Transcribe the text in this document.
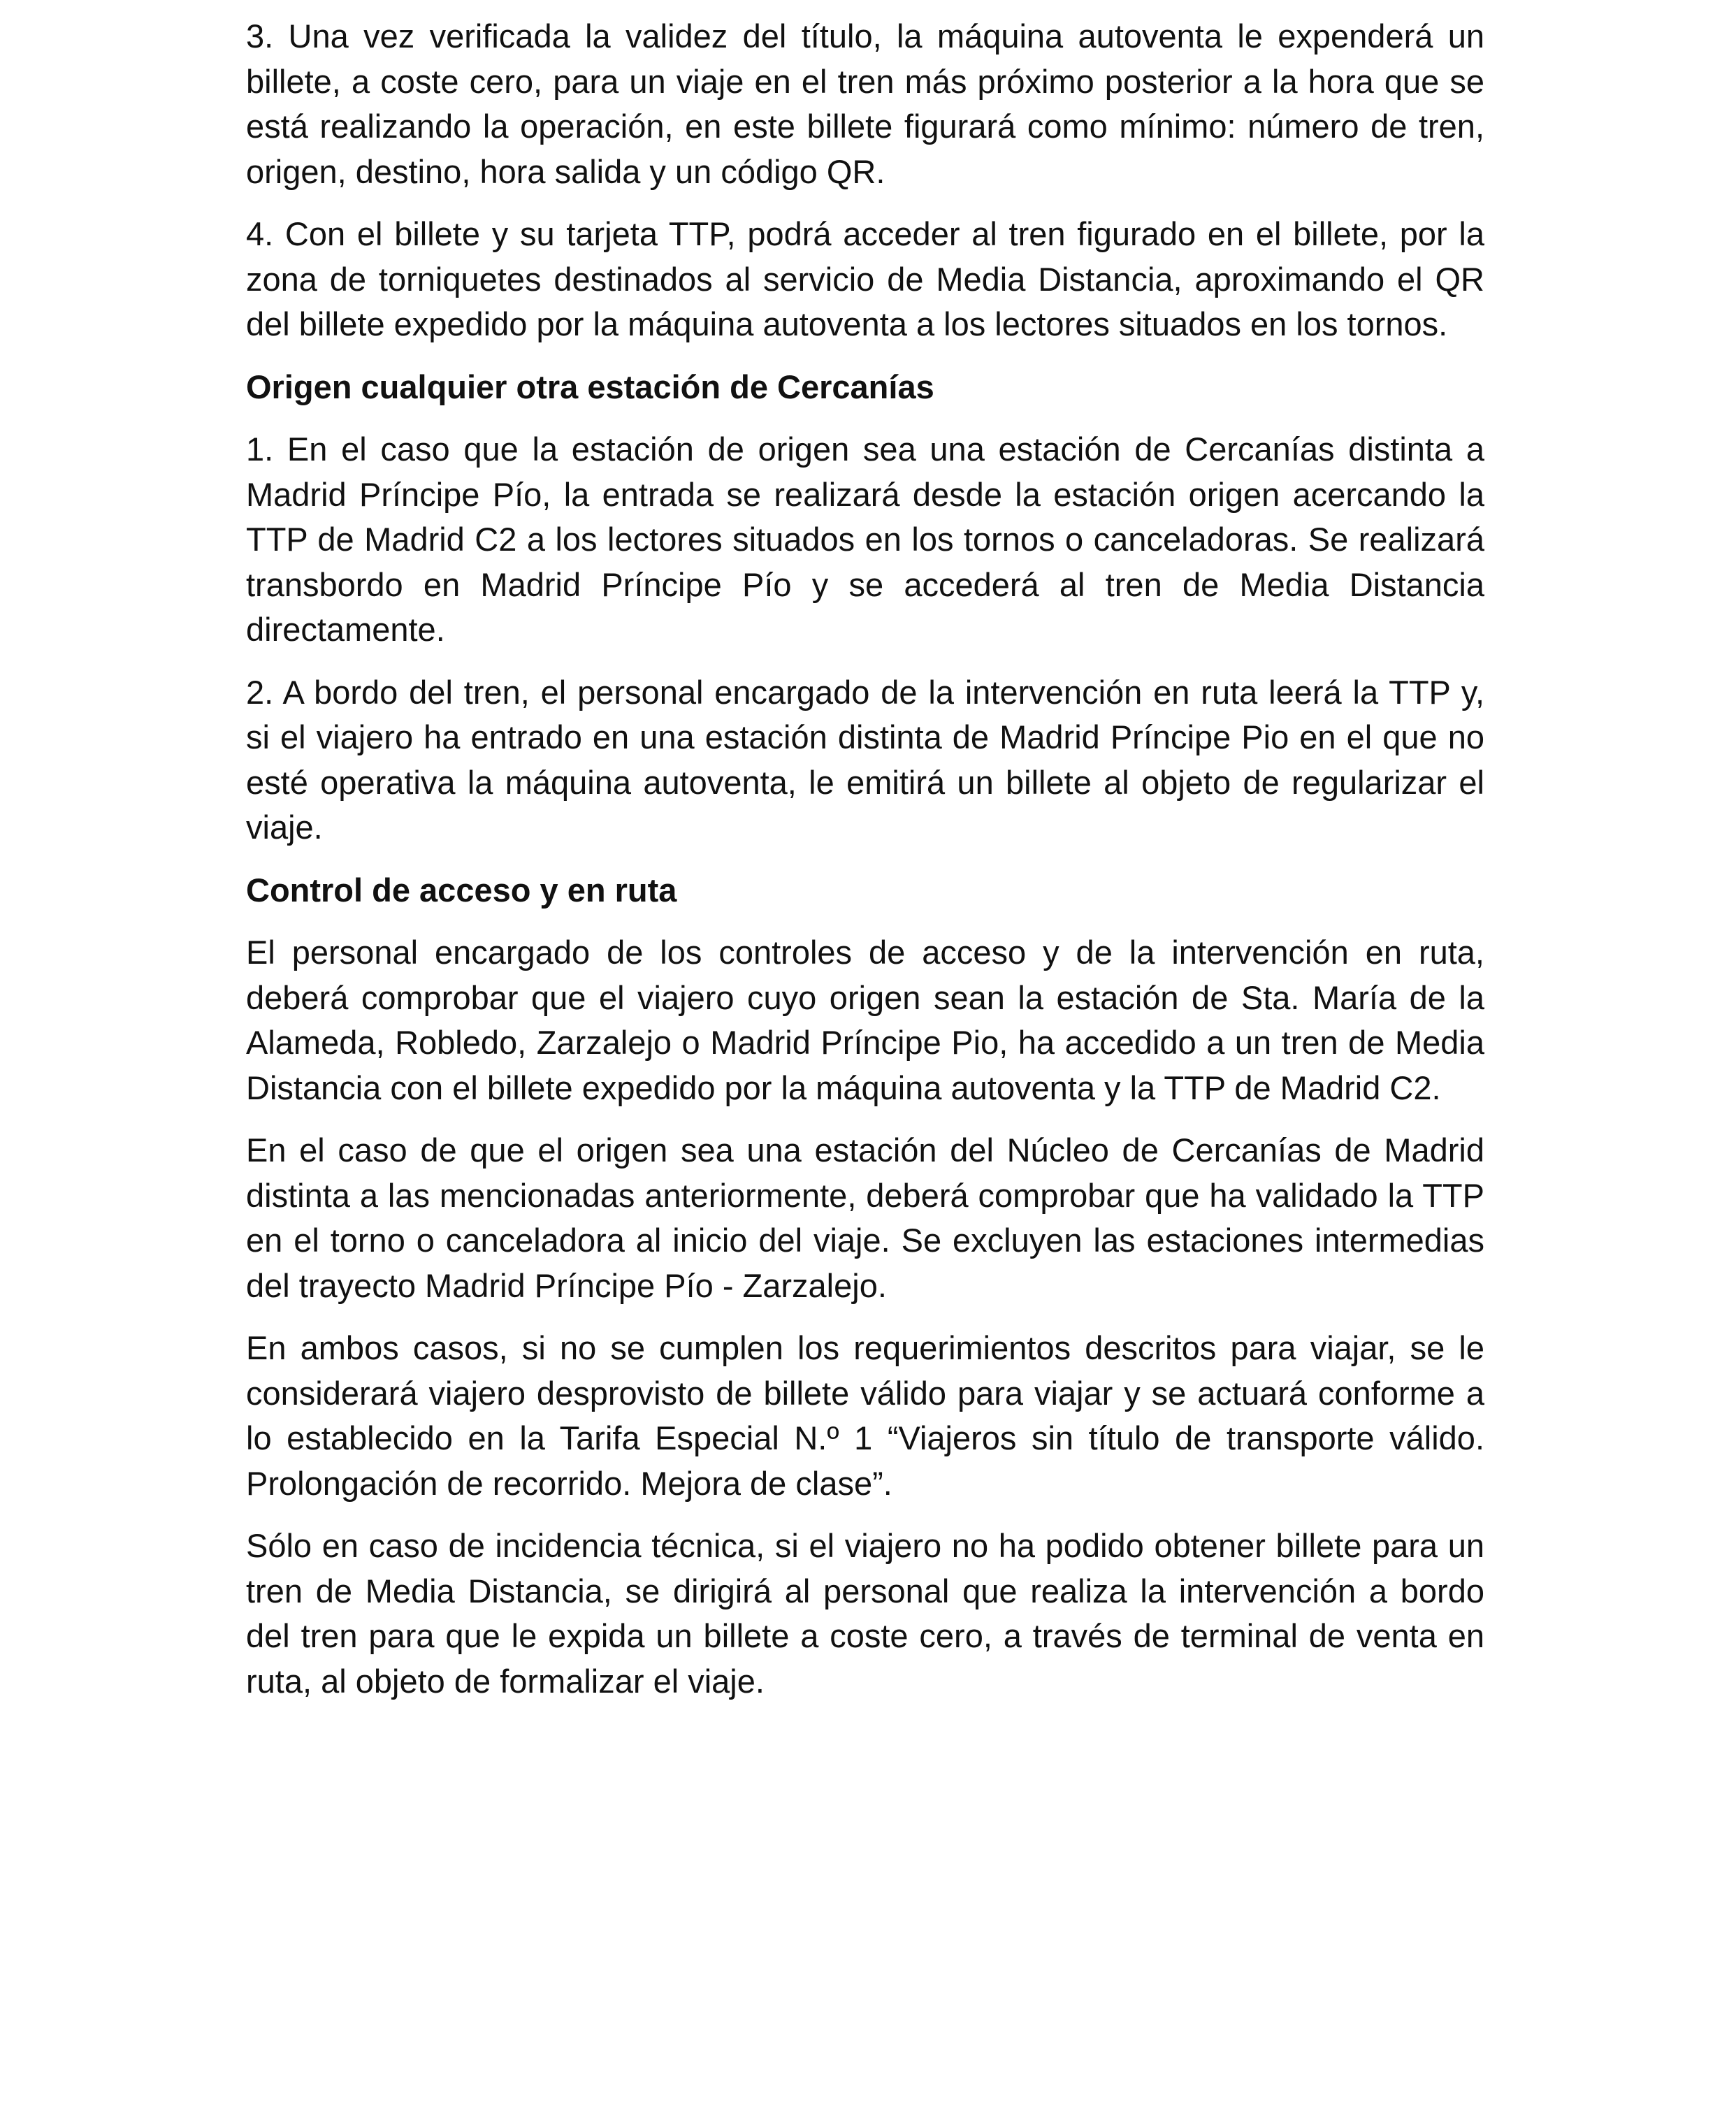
3. Una vez verificada la validez del título, la máquina autoventa le expenderá un billete, a coste cero, para un viaje en el tren más próximo posterior a la hora que se está realizando la operación, en este billete figurará como mínimo: número de tren, origen, destino, hora salida y un código QR.

4. Con el billete y su tarjeta TTP, podrá acceder al tren figurado en el billete, por la zona de torniquetes destinados al servicio de Media Distancia, aproximando el QR del billete expedido por la máquina autoventa a los lectores situados en los tornos.

Origen cualquier otra estación de Cercanías

1. En el caso que la estación de origen sea una estación de Cercanías distinta a Madrid Príncipe Pío, la entrada se realizará desde la estación origen acercando la TTP de Madrid C2 a los lectores situados en los tornos o canceladoras. Se realizará transbordo en Madrid Príncipe Pío y se accederá al tren de Media Distancia directamente.

2. A bordo del tren, el personal encargado de la intervención en ruta leerá la TTP y, si el viajero ha entrado en una estación distinta de Madrid Príncipe Pio en el que no esté operativa la máquina autoventa, le emitirá un billete al objeto de regularizar el viaje.

Control de acceso y en ruta

El personal encargado de los controles de acceso y de la intervención en ruta, deberá comprobar que el viajero cuyo origen sean la estación de Sta. María de la Alameda, Robledo, Zarzalejo o Madrid Príncipe Pio, ha accedido a un tren de Media Distancia con el billete expedido por la máquina autoventa y la TTP de Madrid C2.

En el caso de que el origen sea una estación del Núcleo de Cercanías de Madrid distinta a las mencionadas anteriormente, deberá comprobar que ha validado la TTP en el torno o canceladora al inicio del viaje. Se excluyen las estaciones intermedias del trayecto Madrid Príncipe Pío - Zarzalejo.

En ambos casos, si no se cumplen los requerimientos descritos para viajar, se le considerará viajero desprovisto de billete válido para viajar y se actuará conforme a lo establecido en la Tarifa Especial N.º 1 “Viajeros sin título de transporte válido. Prolongación de recorrido. Mejora de clase”.

Sólo en caso de incidencia técnica, si el viajero no ha podido obtener billete para un tren de Media Distancia, se dirigirá al personal que realiza la intervención a bordo del tren para que le expida un billete a coste cero, a través de terminal de venta en ruta, al objeto de formalizar el viaje.
